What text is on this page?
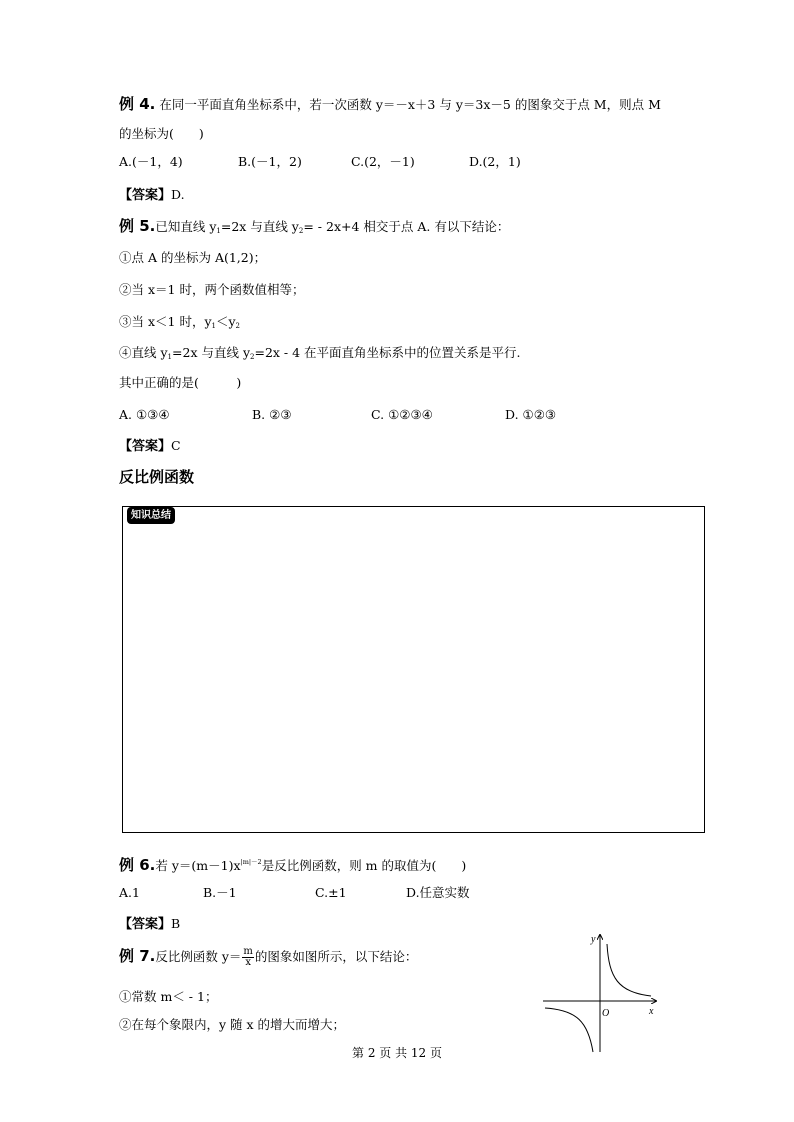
例 4. 在同一平面直角坐标系中，若一次函数 y＝－x＋3 与 y＝3x－5 的图象交于点 M，则点 M
的坐标为(　　)
A.(－1，4)	B.(－1，2)	C.(2，－1)	D.(2，1)
【答案】D.
例 5.已知直线 $y_1=2x$ 与直线 $y_2= - 2x+4$ 相交于点 A. 有以下结论：
①点 A 的坐标为 A(1,2)；
②当 x＝1 时，两个函数值相等；
③当 x＜1 时，$y_1<y_2$
④直线 $y_1=2x$ 与直线 $y_2=2x - 4$ 在平面直角坐标系中的位置关系是平行.
其中正确的是(　　　)
A. ①③④	B. ②③	C. ①②③④	D. ①②③
【答案】C
反比例函数
知识总结
例 6.若 $y=(m-1)x^{|m|-2}$是反比例函数，则 m 的取值为(　　)
A.1	B.－1	C.±1	D.任意实数
【答案】B
例 7.反比例函数 $y= \frac{m}{x}$ 的图象如图所示，以下结论：
①常数 m＜ - 1；
②在每个象限内，y 随 x 的增大而增大；
y
x
O
第 2 页 共 12 页
